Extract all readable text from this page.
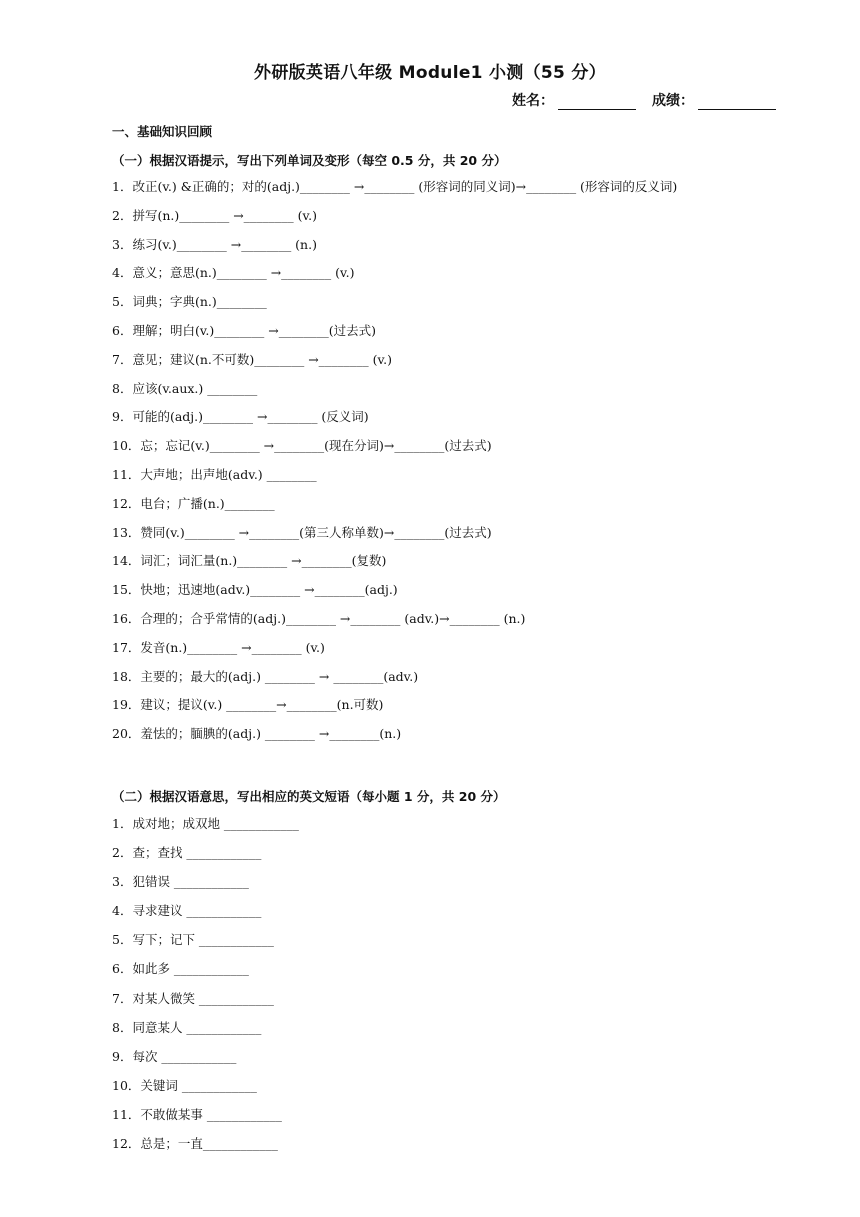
外研版英语八年级 Module1 小测（55 分）
姓名：	成绩：
一、基础知识回顾
（一）根据汉语提示，写出下列单词及变形（每空 0.5 分，共 20 分）
1．改正(v.) &正确的；对的(adj.)________ →________ (形容词的同义词)→________ (形容词的反义词)
2．拼写(n.)________ →________ (v.)
3．练习(v.)________ →________ (n.)
4．意义；意思(n.)________ →________ (v.)
5．词典；字典(n.)________
6．理解；明白(v.)________ →________(过去式)
7．意见；建议(n.不可数)________ →________ (v.)
8．应该(v.aux.) ________
9．可能的(adj.)________ →________ (反义词)
10．忘；忘记(v.)________ →________(现在分词)→________(过去式)
11．大声地；出声地(adv.) ________
12．电台；广播(n.)________
13．赞同(v.)________ →________(第三人称单数)→________(过去式)
14．词汇；词汇量(n.)________ →________(复数)
15．快地；迅速地(adv.)________ →________(adj.)
16．合理的；合乎常情的(adj.)________ →________ (adv.)→________ (n.)
17．发音(n.)________ →________ (v.)
18．主要的；最大的(adj.) ________ → ________(adv.)
19．建议；提议(v.) ________→________(n.可数)
20．羞怯的；腼腆的(adj.) ________ →________(n.)
（二）根据汉语意思，写出相应的英文短语（每小题 1 分，共 20 分）
1．成对地；成双地 ____________
2．查；查找 ____________
3．犯错误 ____________
4．寻求建议 ____________
5．写下；记下 ____________
6．如此多 ____________
7．对某人微笑 ____________
8．同意某人 ____________
9．每次 ____________
10．关键词 ____________
11．不敢做某事 ____________
12．总是；一直____________
